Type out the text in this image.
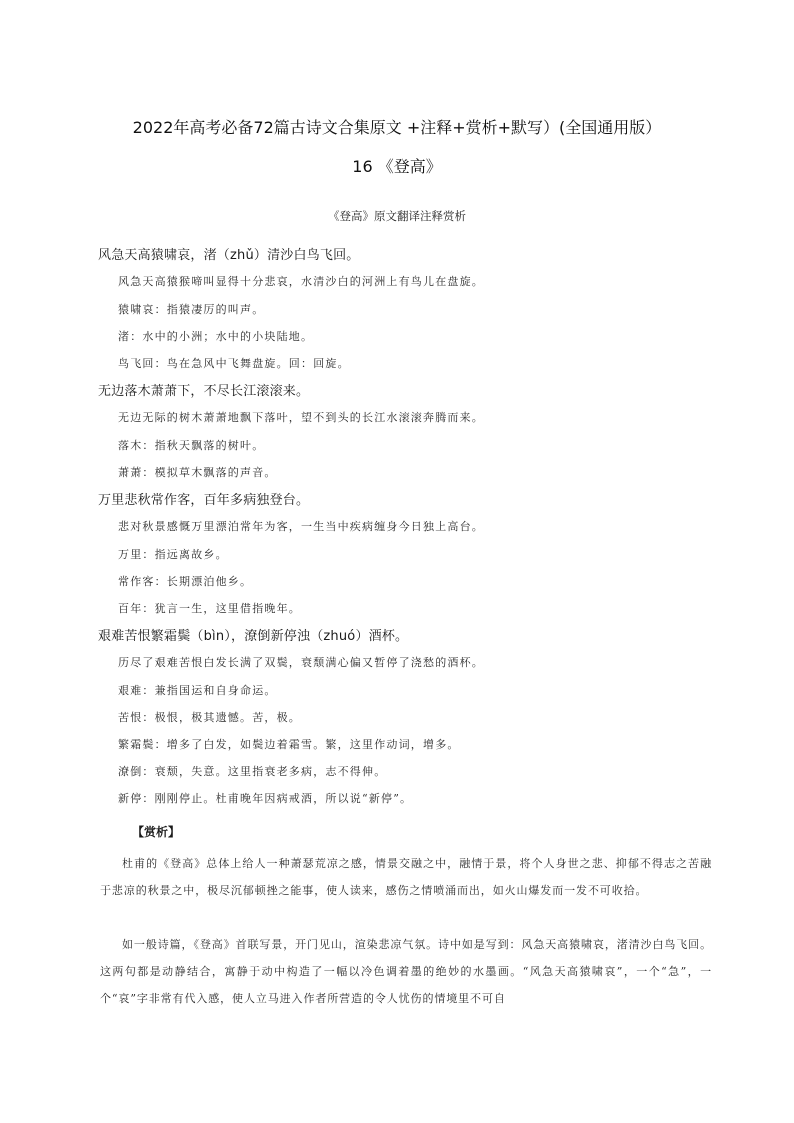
2022年高考必备72篇古诗文合集原文 +注释+赏析+默写）(全国通用版）
16 《登高》
《登高》原文翻译注释赏析
风急天高猿啸哀，渚（zhǔ）清沙白鸟飞回。
风急天高猿猴啼叫显得十分悲哀，水清沙白的河洲上有鸟儿在盘旋。
猿啸哀：指猿凄厉的叫声。
渚：水中的小洲；水中的小块陆地。
鸟飞回：鸟在急风中飞舞盘旋。回：回旋。
无边落木萧萧下，不尽长江滚滚来。
无边无际的树木萧萧地飘下落叶，望不到头的长江水滚滚奔腾而来。
落木：指秋天飘落的树叶。
萧萧：模拟草木飘落的声音。
万里悲秋常作客，百年多病独登台。
悲对秋景感慨万里漂泊常年为客，一生当中疾病缠身今日独上高台。
万里：指远离故乡。
常作客：长期漂泊他乡。
百年：犹言一生，这里借指晚年。
艰难苦恨繁霜鬓（bìn），潦倒新停浊（zhuó）酒杯。
历尽了艰难苦恨白发长满了双鬓，衰颓满心偏又暂停了浇愁的酒杯。
艰难：兼指国运和自身命运。
苦恨：极恨，极其遗憾。苦，极。
繁霜鬓：增多了白发，如鬓边着霜雪。繁，这里作动词，增多。
潦倒：衰颓，失意。这里指衰老多病，志不得伸。
新停：刚刚停止。杜甫晚年因病戒酒，所以说“新停”。
【赏析】

杜甫的《登高》总体上给人一种萧瑟荒凉之感，情景交融之中，融情于景，将个人身世之悲、抑郁不得志之苦融于悲凉的秋景之中，极尽沉郁顿挫之能事，使人读来，感伤之情喷涌而出，如火山爆发而一发不可收拾。

如一般诗篇，《登高》首联写景，开门见山，渲染悲凉气氛。诗中如是写到：风急天高猿啸哀，渚清沙白鸟飞回。这两句都是动静结合，寓静于动中构造了一幅以冷色调着墨的绝妙的水墨画。“风急天高猿啸哀”，一个“急”，一个“哀”字非常有代入感，使人立马进入作者所营造的令人忧伤的情境里不可自
